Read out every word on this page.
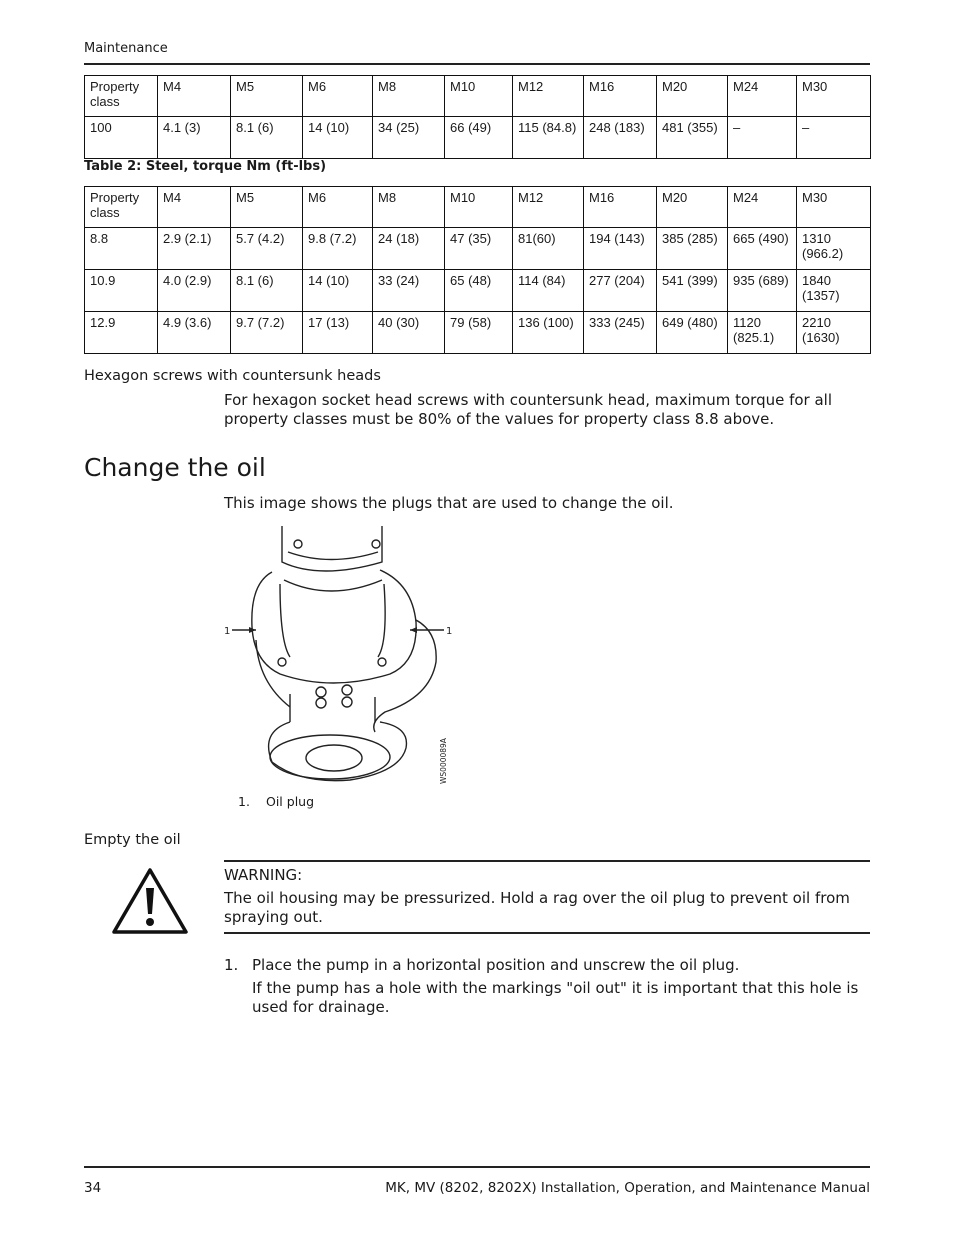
Maintenance
Property class	M4	M5	M6	M8	M10	M12	M16	M20	M24	M30
100	4.1 (3)	8.1 (6)	14 (10)	34 (25)	66 (49)	115 (84.8)	248 (183)	481 (355)	–	–
Table 2: Steel, torque Nm (ft-lbs)
Property class	M4	M5	M6	M8	M10	M12	M16	M20	M24	M30
8.8	2.9 (2.1)	5.7 (4.2)	9.8 (7.2)	24 (18)	47 (35)	81(60)	194 (143)	385 (285)	665 (490)	1310 (966.2)
10.9	4.0 (2.9)	8.1 (6)	14 (10)	33 (24)	65 (48)	114 (84)	277 (204)	541 (399)	935 (689)	1840 (1357)
12.9	4.9 (3.6)	9.7 (7.2)	17 (13)	40 (30)	79 (58)	136 (100)	333 (245)	649 (480)	1120 (825.1)	2210 (1630)
Hexagon screws with countersunk heads
For hexagon socket head screws with countersunk head, maximum torque for all property classes must be 80% of the values for property class 8.8 above.
Change the oil
This image shows the plugs that are used to change the oil.
1	1
WS000089A
1. Oil plug
Empty the oil
WARNING:
The oil housing may be pressurized. Hold a rag over the oil plug to prevent oil from spraying out.
1. Place the pump in a horizontal position and unscrew the oil plug.
If the pump has a hole with the markings "oil out" it is important that this hole is used for drainage.
34	MK, MV (8202, 8202X) Installation, Operation, and Maintenance Manual
